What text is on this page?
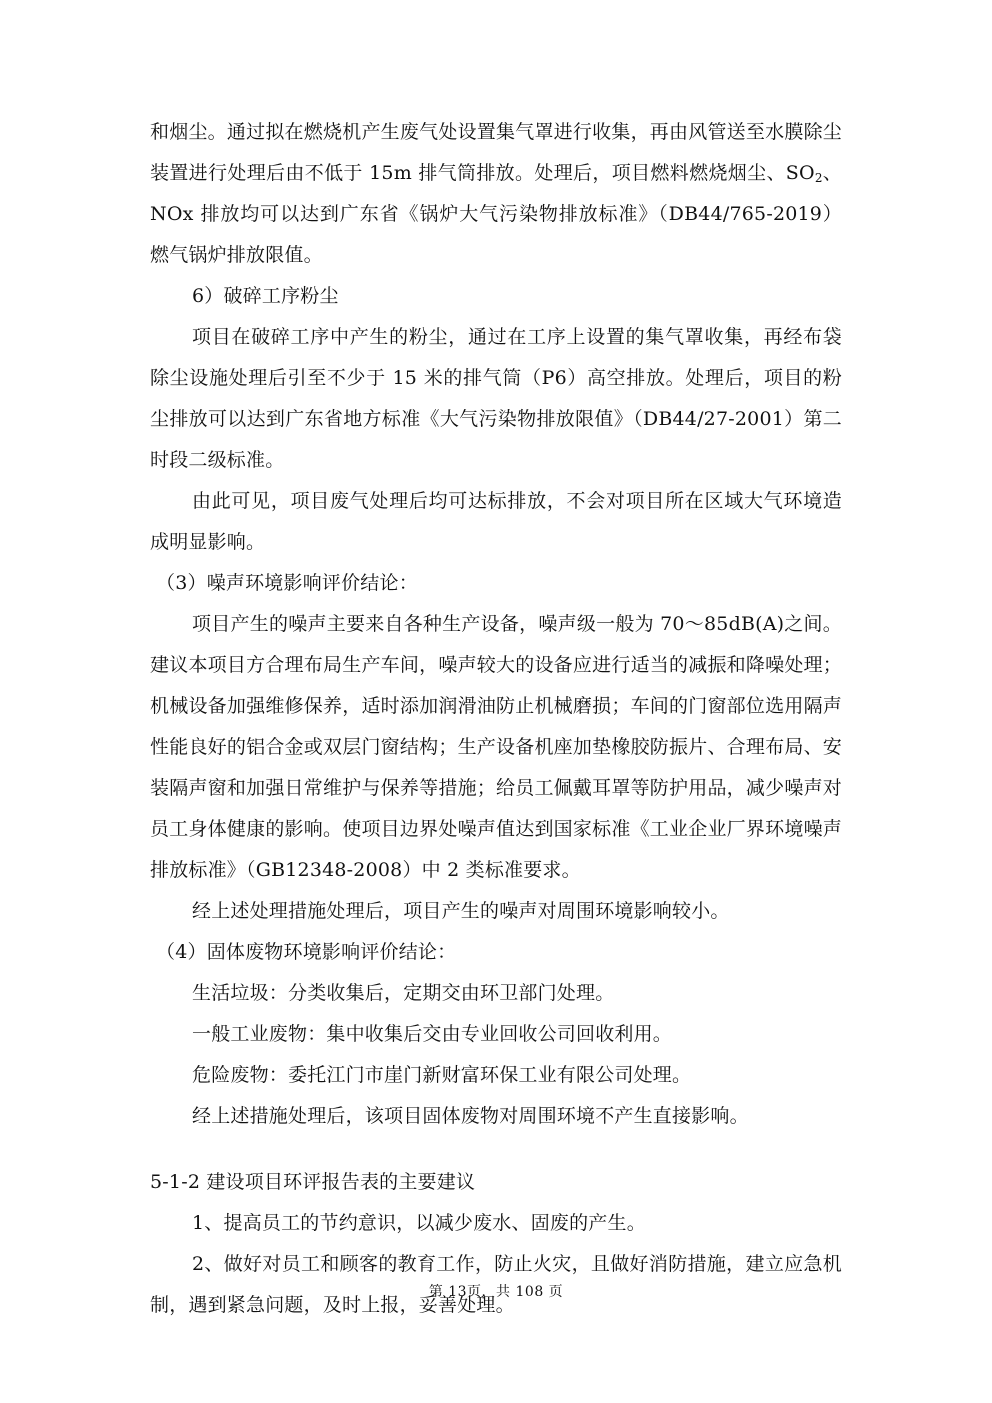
和烟尘。通过拟在燃烧机产生废气处设置集气罩进行收集，再由风管送至水膜除尘装置进行处理后由不低于 15m 排气筒排放。处理后，项目燃料燃烧烟尘、$SO_2$、NOx 排放均可以达到广东省《锅炉大气污染物排放标准》（DB44/765-2019）燃气锅炉排放限值。

6）破碎工序粉尘

项目在破碎工序中产生的粉尘，通过在工序上设置的集气罩收集，再经布袋除尘设施处理后引至不少于 15 米的排气筒（P6）高空排放。处理后，项目的粉尘排放可以达到广东省地方标准《大气污染物排放限值》（DB44/27-2001）第二时段二级标准。

由此可见，项目废气处理后均可达标排放，不会对项目所在区域大气环境造成明显影响。

（3）噪声环境影响评价结论：

项目产生的噪声主要来自各种生产设备，噪声级一般为 70～85dB(A)之间。建议本项目方合理布局生产车间，噪声较大的设备应进行适当的减振和降噪处理；机械设备加强维修保养，适时添加润滑油防止机械磨损；车间的门窗部位选用隔声性能良好的铝合金或双层门窗结构；生产设备机座加垫橡胶防振片、合理布局、安装隔声窗和加强日常维护与保养等措施；给员工佩戴耳罩等防护用品，减少噪声对员工身体健康的影响。使项目边界处噪声值达到国家标准《工业企业厂界环境噪声排放标准》（GB12348-2008）中 2 类标准要求。

经上述处理措施处理后，项目产生的噪声对周围环境影响较小。

（4）固体废物环境影响评价结论：

生活垃圾：分类收集后，定期交由环卫部门处理。

一般工业废物：集中收集后交由专业回收公司回收利用。

危险废物：委托江门市崖门新财富环保工业有限公司处理。

经上述措施处理后，该项目固体废物对周围环境不产生直接影响。

5-1-2 建设项目环评报告表的主要建议

1、提高员工的节约意识，以减少废水、固废的产生。

2、做好对员工和顾客的教育工作，防止火灾，且做好消防措施，建立应急机制，遇到紧急问题，及时上报，妥善处理。

第 13页，共 108 页
